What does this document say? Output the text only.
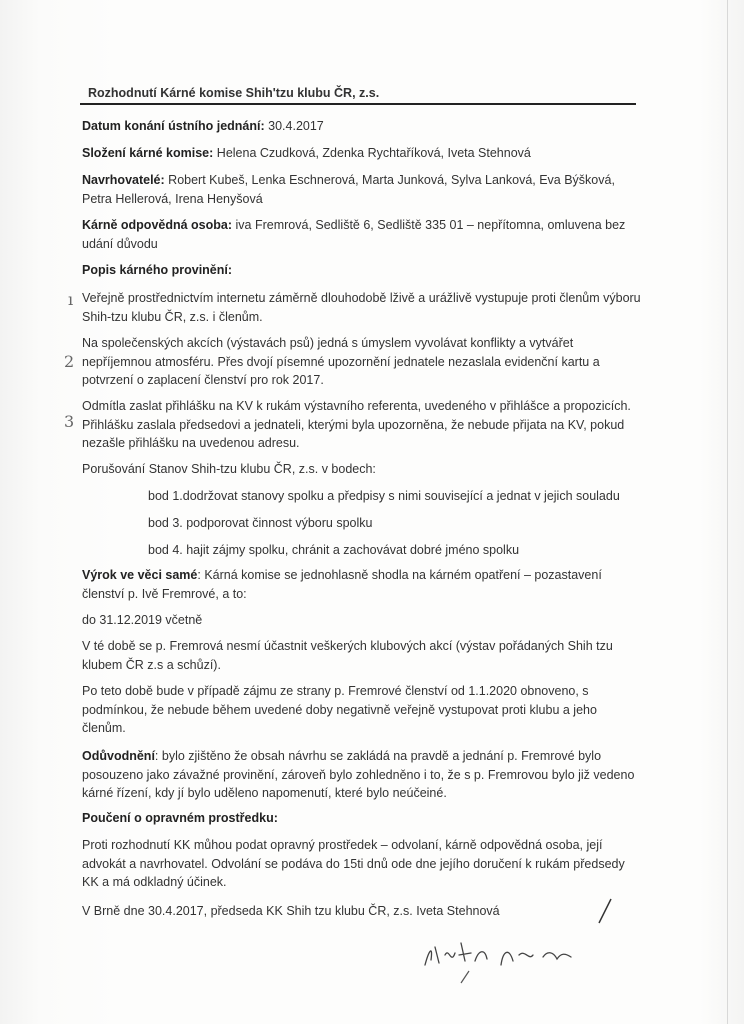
Rozhodnutí Kárné komise Shih'tzu klubu ČR, z.s.
Datum konání ústního jednání: 30.4.2017
Složení kárné komise: Helena Czudková, Zdenka Rychtaříková, Iveta Stehnová
Navrhovatelé: Robert Kubeš, Lenka Eschnerová, Marta Junková, Sylva Lanková, Eva Býšková, Petra Hellerová, Irena Henyšová
Kárně odpovědná osoba: iva Fremrová, Sedliště 6, Sedliště 335 01 – nepřítomna, omluvena bez udání důvodu
Popis kárného provinění:
Veřejně prostřednictvím internetu záměrně dlouhodobě lživě a urážlivě vystupuje proti členům výboru Shih-tzu klubu ČR, z.s. i členům.
Na společenských akcích (výstavách psů) jedná s úmyslem vyvolávat konflikty a vytvářet nepříjemnou atmosféru. Přes dvojí písemné upozornění jednatele nezaslala evidenční kartu a potvrzení o zaplacení členství pro rok 2017.
Odmítla zaslat přihlášku na KV k rukám výstavního referenta, uvedeného v přihlášce a propozicích. Přihlášku zaslala předsedovi a jednateli, kterými byla upozorněna, že nebude přijata na KV, pokud nezašle přihlášku na uvedenou adresu.
ı
2
3
Porušování Stanov Shih-tzu klubu ČR, z.s. v bodech:
bod 1.dodržovat stanovy spolku a předpisy s nimi související a jednat v jejich souladu
bod 3. podporovat činnost výboru spolku
bod 4. hajit zájmy spolku, chránit a zachovávat dobré jméno spolku
Výrok ve věci samé: Kárná komise se jednohlasně shodla na kárném opatření – pozastavení členství p. Ivě Fremrové, a to:
do 31.12.2019 včetně
V té době se p. Fremrová nesmí účastnit veškerých klubových akcí (výstav pořádaných Shih tzu klubem ČR z.s a schůzí).
Po teto době bude v případě zájmu ze strany p. Fremrové členství od 1.1.2020 obnoveno, s podmínkou, že nebude během uvedené doby negativně veřejně vystupovat proti klubu a jeho členům.
Odůvodnění: bylo zjištěno že obsah návrhu se zakládá na pravdě a jednání p. Fremrové bylo posouzeno jako závažné provinění, zároveň bylo zohledněno i to, že s p. Fremrovou bylo již vedeno kárné řízení, kdy jí bylo uděleno napomenutí, které bylo neúčeiné.
Poučení o opravném prostředku:
Proti rozhodnutí KK můhou podat opravný prostředek – odvolaní, kárně odpovědná osoba, její advokát a navrhovatel. Odvolání se podáva do 15ti dnů ode dne jejího doručení k rukám předsedy KK a má odkladný účinek.
V Brně dne 30.4.2017, předseda KK Shih tzu klubu ČR, z.s. Iveta Stehnová
